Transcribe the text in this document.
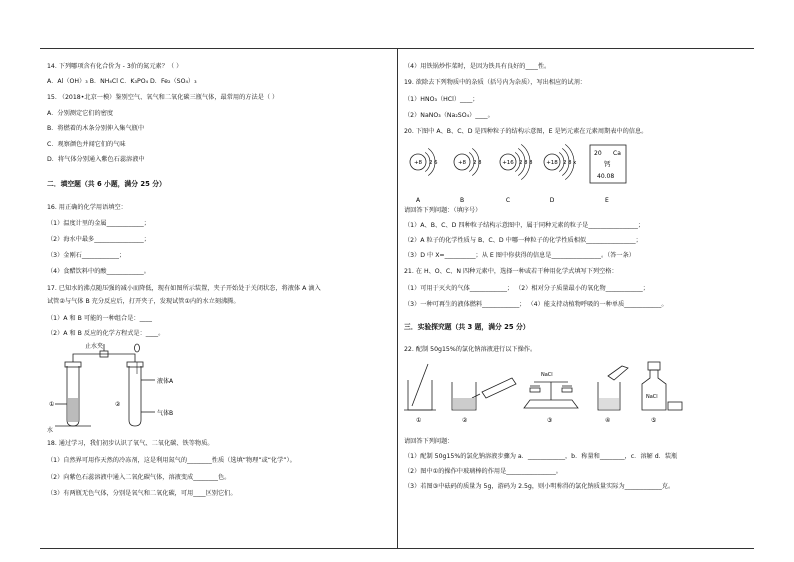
14. 下列哪项含有化合价为 - 3价的氮元素？（ ）
A．Al（OH）₃ B．NH₄Cl C．K₃PO₄ D．Fe₂（SO₄）₃
15. （2018•北京一模）鉴别空气、氧气和二氧化碳三瓶气体，最常用的方法是（ ）
A．分别测定它们的密度
B．将燃着的木条分别伸入集气瓶中
C．观察颜色并闻它们的气味
D．将气体分别通入紫色石蕊溶液中
二．填空题（共 6 小题，满分 25 分）
16. 用正确的化学用语填空：
（1）温度计里的金属____________；
（2）海水中最多________________；
（3）金刚石____________；
（4）食醋饮料中的酸____________。
17. 已知水的沸点随压强的减小而降低，现有如图所示装置，夹子开始处于关闭状态，将液体 A 滴入
试管②与气体 B 充分反应后，打开夹子，发现试管①内的水立刻沸腾。
（1）A 和 B 可能的一种组合是：____
（2）A 和 B 反应的化学方程式是：____。
止水夹
①	②
液体A
气体B
水
18. 通过学习，我们初步认识了氧气、二氧化碳、铁等物质。
（1）自然界可用作天然的冷冻剂，这是利用氮气的________性质（选填“物理”或“化学”）。
（2）向紫色石蕊溶液中通入二氧化碳气体，溶液变成________色。
（3）有两瓶无色气体，分别是氧气和二氧化碳，可用____区别它们。
（4）用铁锅炒作菜时，是因为铁具有良好的____性。
19. 欲除去下列物质中的杂质（括号内为杂质），写出相应的试剂：
（1）HNO₃（HCl）____；
（2）NaNO₃（Na₂SO₄）____。
20. 下图中 A、B、C、D 是四种粒子的结构示意图，E 是钙元素在元素周期表中的信息。
+8 2 6
A
+8 2 8
B
+16 2 8 8
C
+18 2 8 x
D
20 Ca
钙
40.08
E
请回答下列问题：（填序号）
（1）A、B、C、D 四种粒子结构示意图中，属于同种元素的粒子是________________；
（2）A 粒子的化学性质与 B、C、D 中哪一种粒子的化学性质相似________________；
（3）D 中 X=__________；从 E 图中你获得的信息是________________。（答一条）
21. 在 H、O、C、N 四种元素中，选择一种或若干种用化学式填写下列空格：
（1）可用于灭火的气体____________； （2）相对分子质量最小的氧化物____________；
（3）一种可再生的液体燃料____________； （4）能支持动植物呼吸的一种单质____________。
三．实验探究题（共 3 题，满分 25 分）
22. 配制 50g15%的氯化钠溶液进行以下操作。
NaCl
NaCl
①	②	③	④	⑤
请回答下列问题：
（1）配制 50g15%的氯化钠溶液步骤为 a．____________，b．称量和________，c．溶解 d．装瓶
（2）图中①的操作中玻璃棒的作用是________________。
（3）若图③中砝码的质量为 5g，游码为 2.5g，则小明称得的氯化钠质量实际为____________克。
